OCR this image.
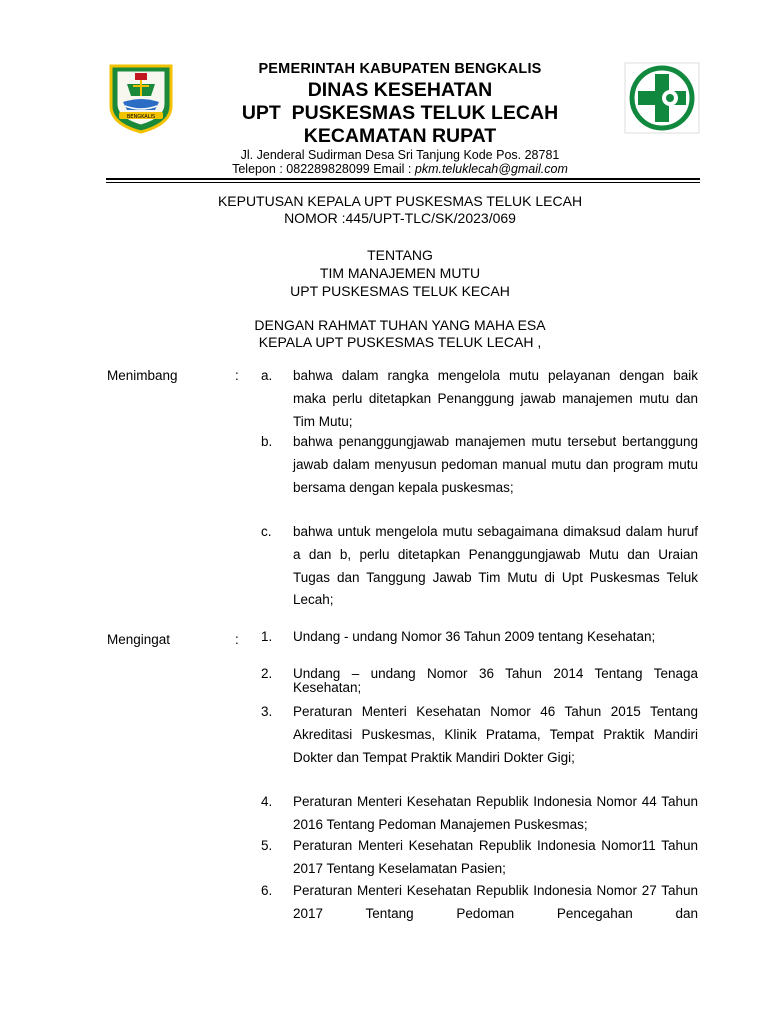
BENGKALIS
PEMERINTAH KABUPATEN BENGKALIS
DINAS KESEHATAN
UPT  PUSKESMAS TELUK LECAH
KECAMATAN RUPAT
Jl. Jenderal Sudirman Desa Sri Tanjung Kode Pos. 28781
Telepon : 082289828099 Email : pkm.teluklecah@gmail.com
KEPUTUSAN KEPALA UPT PUSKESMAS TELUK LECAH
NOMOR :445/UPT-TLC/SK/2023/069
TENTANG
TIM MANAJEMEN MUTU
UPT PUSKESMAS TELUK KECAH
DENGAN RAHMAT TUHAN YANG MAHA ESA
KEPALA UPT PUSKESMAS TELUK LECAH ,
Menimbang	: a. bahwa dalam rangka mengelola mutu pelayanan dengan baik maka perlu ditetapkan Penanggung jawab manajemen mutu dan Tim Mutu;
b. bahwa penanggungjawab manajemen mutu tersebut bertanggung jawab dalam menyusun pedoman manual mutu dan program mutu bersama dengan kepala puskesmas;
c. bahwa untuk mengelola mutu sebagaimana dimaksud dalam huruf a dan b, perlu ditetapkan Penanggungjawab Mutu dan Uraian Tugas dan Tanggung Jawab Tim Mutu di Upt Puskesmas Teluk Lecah;
Mengingat	: 1. Undang - undang Nomor 36 Tahun 2009 tentang Kesehatan;
2. Undang – undang Nomor 36 Tahun 2014 Tentang Tenaga Kesehatan;
3. Peraturan Menteri Kesehatan Nomor 46 Tahun 2015 Tentang Akreditasi Puskesmas, Klinik Pratama, Tempat Praktik Mandiri Dokter dan Tempat Praktik Mandiri Dokter Gigi;
4. Peraturan Menteri Kesehatan Republik Indonesia Nomor 44 Tahun 2016 Tentang Pedoman Manajemen Puskesmas;
5. Peraturan Menteri Kesehatan Republik Indonesia Nomor11 Tahun 2017 Tentang Keselamatan Pasien;
6. Peraturan Menteri Kesehatan Republik Indonesia Nomor 27 Tahun 2017 Tentang Pedoman Pencegahan dan
